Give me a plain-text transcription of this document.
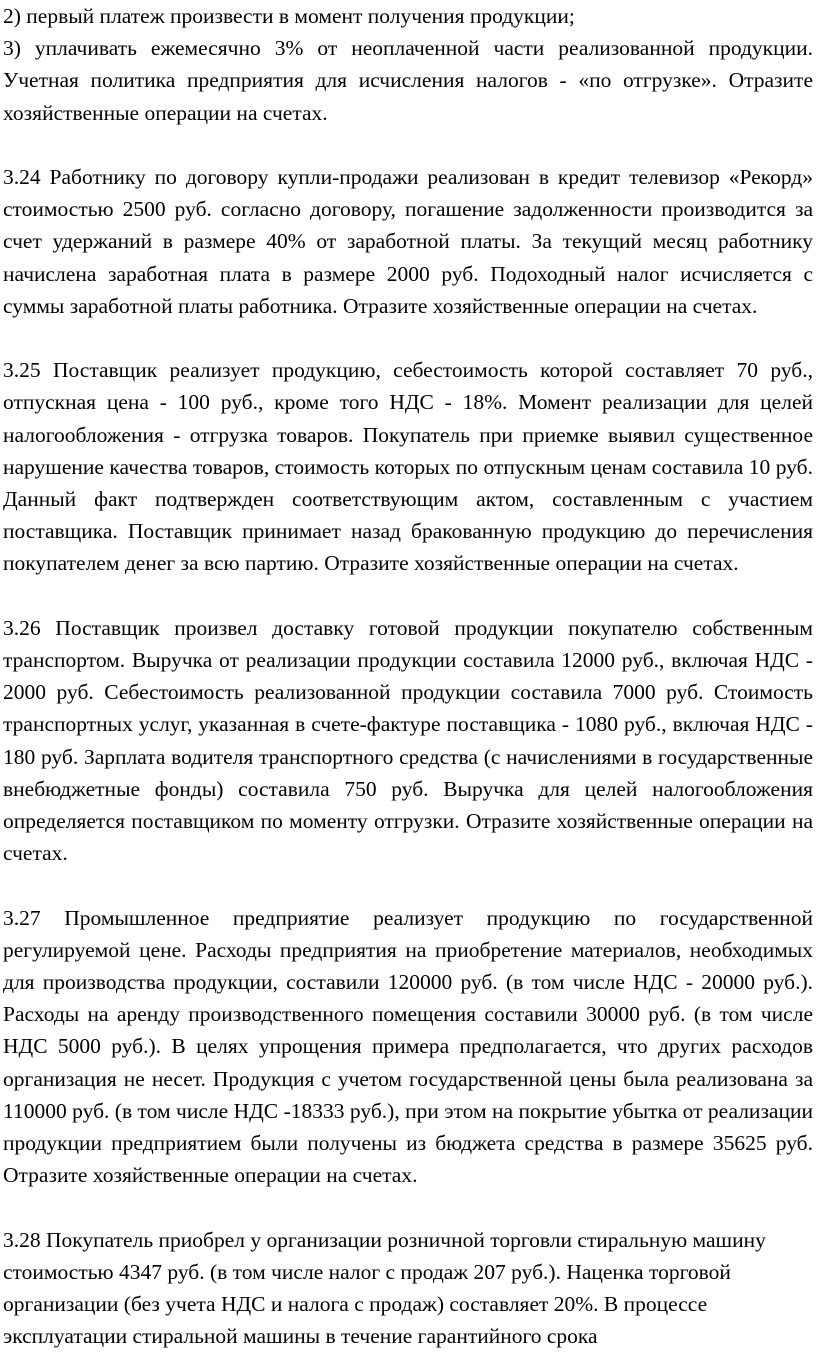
2) первый платеж произвести в момент получения продукции;

3) уплачивать ежемесячно 3% от неоплаченной части реализованной продукции. Учетная политика предприятия для исчисления налогов - «по отгрузке». Отразите хозяйственные операции на счетах.

3.24 Работнику по договору купли-продажи реализован в кредит телевизор «Рекорд» стоимостью 2500 руб. согласно договору, погашение задолженности производится за счет удержаний в размере 40% от заработной платы. За текущий месяц работнику начислена заработная плата в размере 2000 руб. Подоходный налог исчисляется с суммы заработной платы работника. Отразите хозяйственные операции на счетах.

3.25 Поставщик реализует продукцию, себестоимость которой составляет 70 руб., отпускная цена - 100 руб., кроме того НДС - 18%. Момент реализации для целей налогообложения - отгрузка товаров. Покупатель при приемке выявил существенное нарушение качества товаров, стоимость которых по отпускным ценам составила 10 руб. Данный факт подтвержден соответствующим актом, составленным с участием поставщика. Поставщик принимает назад бракованную продукцию до перечисления покупателем денег за всю партию. Отразите хозяйственные операции на счетах.

3.26 Поставщик произвел доставку готовой продукции покупателю собственным транспортом. Выручка от реализации продукции составила 12000 руб., включая НДС - 2000 руб. Себестоимость реализованной продукции составила 7000 руб. Стоимость транспортных услуг, указанная в счете-фактуре поставщика - 1080 руб., включая НДС - 180 руб. Зарплата водителя транспортного средства (с начислениями в государственные внебюджетные фонды) составила 750 руб. Выручка для целей налогообложения определяется поставщиком по моменту отгрузки. Отразите хозяйственные операции на счетах.

3.27 Промышленное предприятие реализует продукцию по государственной регулируемой цене. Расходы предприятия на приобретение материалов, необходимых для производства продукции, составили 120000 руб. (в том числе НДС - 20000 руб.). Расходы на аренду производственного помещения составили 30000 руб. (в том числе НДС 5000 руб.). В целях упрощения примера предполагается, что других расходов организация не несет. Продукция с учетом государственной цены была реализована за 110000 руб. (в том числе НДС -18333 руб.), при этом на покрытие убытка от реализации продукции предприятием были получены из бюджета средства в размере 35625 руб. Отразите хозяйственные операции на счетах.

3.28 Покупатель приобрел у организации розничной торговли стиральную машину стоимостью 4347 руб. (в том числе налог с продаж 207 руб.). Наценка торговой организации (без учета НДС и налога с продаж) составляет 20%. В процессе эксплуатации стиральной машины в течение гарантийного срока
